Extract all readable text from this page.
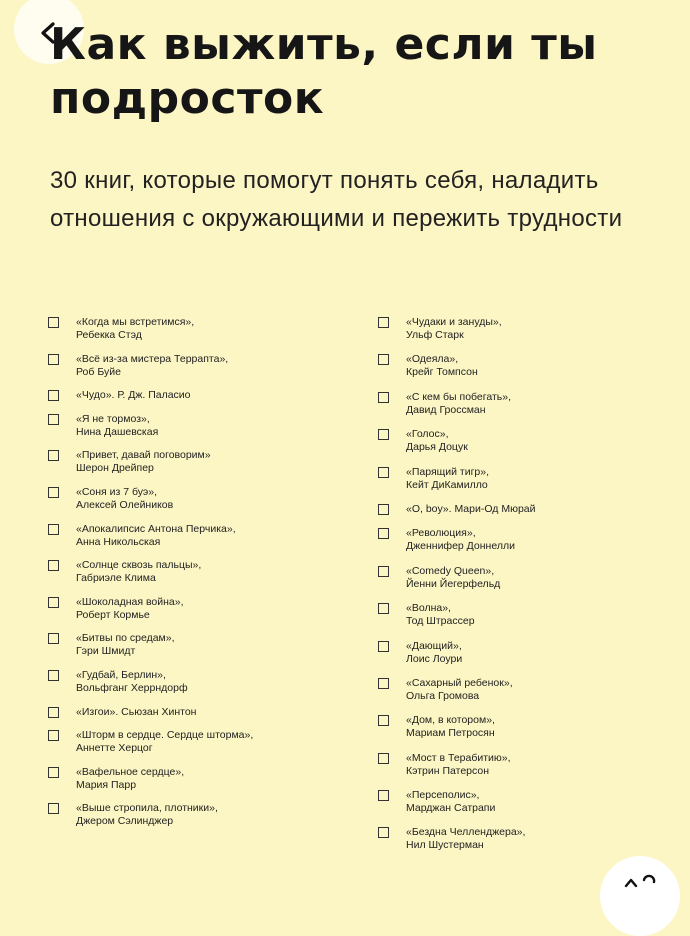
Как выжить, если ты подросток

30 книг, которые помогут понять себя, наладить отношения с окружающими и пережить трудности

«Когда мы встретимся»,
Ребекка Стэд
«Всё из-за мистера Террапта»,
Роб Буйе
«Чудо». Р. Дж. Паласио
«Я не тормоз»,
Нина Дашевская
«Привет, давай поговорим»
Шерон Дрейпер
«Соня из 7 буэ»,
Алексей Олейников
«Апокалипсис Антона Перчика»,
Анна Никольская
«Солнце сквозь пальцы»,
Габриэле Клима
«Шоколадная война»,
Роберт Кормье
«Битвы по средам»,
Гэри Шмидт
«Гудбай, Берлин»,
Вольфганг Херрндорф
«Изгои». Сьюзан Хинтон
«Шторм в сердце. Сердце шторма»,
Аннетте Херцог
«Вафельное сердце»,
Мария Парр
«Выше стропила, плотники»,
Джером Сэлинджер
«Чудаки и зануды»,
Ульф Старк
«Одеяла»,
Крейг Томпсон
«С кем бы побегать»,
Давид Гроссман
«Голос»,
Дарья Доцук
«Парящий тигр»,
Кейт ДиКамилло
«О, boy». Мари-Од Мюрай
«Революция»,
Дженнифер Доннелли
«Comedy Queen»,
Йенни Йегерфельд
«Волна»,
Тод Штрассер
«Дающий»,
Лоис Лоури
«Сахарный ребенок»,
Ольга Громова
«Дом, в котором»,
Мариам Петросян
«Мост в Терабитию»,
Кэтрин Патерсон
«Персеполис»,
Марджан Сатрапи
«Бездна Челленджера»,
Нил Шустерман
